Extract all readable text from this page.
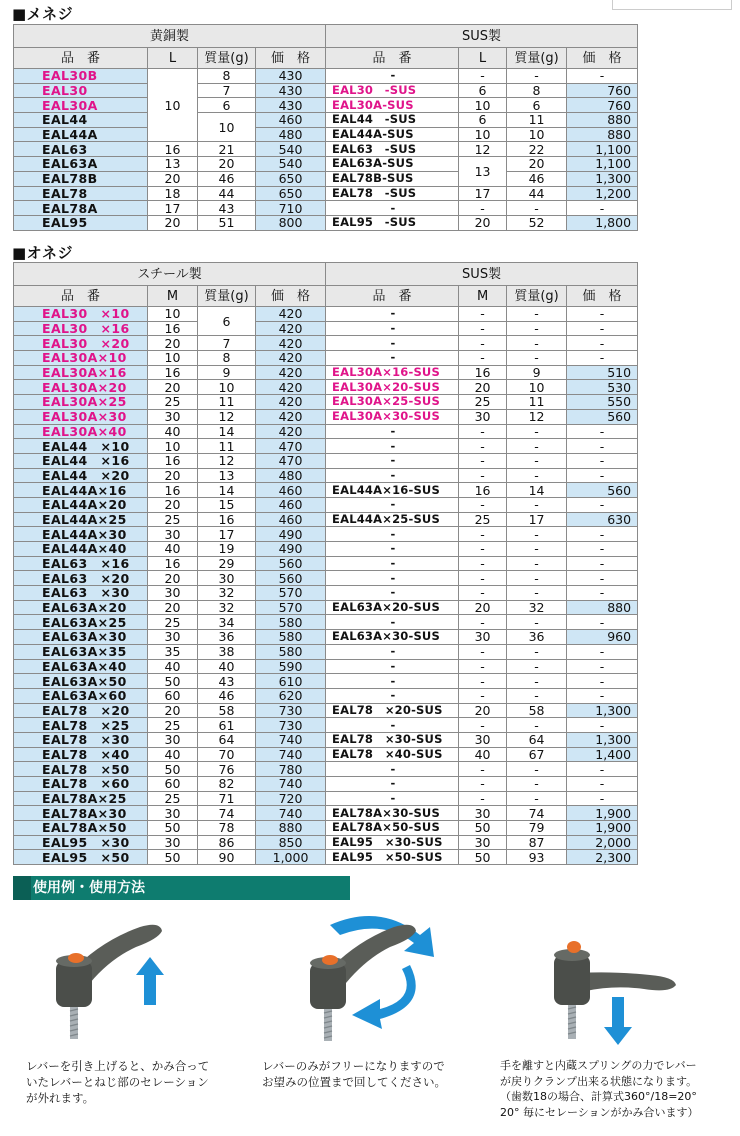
■メネジ
黄銅製				SUS製			
品　番	L	質量(g)	価　格	品　番	L	質量(g)	価　格
EAL30B	10	8	430	-	-	-	-
EAL30		7	430	EAL30　-SUS	6	8	760
EAL30A		6	430	EAL30A-SUS	10	6	760
EAL44		10	460	EAL44　-SUS	6	11	880
EAL44A			480	EAL44A-SUS	10	10	880
EAL63	16	21	540	EAL63　-SUS	12	22	1,100
EAL63A	13	20	540	EAL63A-SUS	13	20	1,100
EAL78B	20	46	650	EAL78B-SUS		46	1,300
EAL78	18	44	650	EAL78　-SUS	17	44	1,200
EAL78A	17	43	710	-	-	-	-
EAL95	20	51	800	EAL95　-SUS	20	52	1,800
■オネジ
スチール製				SUS製			
品　番	M	質量(g)	価　格	品　番	M	質量(g)	価　格
EAL30　×10	10	6	420	-	-	-	-
EAL30　×16	16		420	-	-	-	-
EAL30　×20	20	7	420	-	-	-	-
EAL30A×10	10	8	420	-	-	-	-
EAL30A×16	16	9	420	EAL30A×16-SUS	16	9	510
EAL30A×20	20	10	420	EAL30A×20-SUS	20	10	530
EAL30A×25	25	11	420	EAL30A×25-SUS	25	11	550
EAL30A×30	30	12	420	EAL30A×30-SUS	30	12	560
EAL30A×40	40	14	420	-	-	-	-
EAL44　×10	10	11	470	-	-	-	-
EAL44　×16	16	12	470	-	-	-	-
EAL44　×20	20	13	480	-	-	-	-
EAL44A×16	16	14	460	EAL44A×16-SUS	16	14	560
EAL44A×20	20	15	460	-	-	-	-
EAL44A×25	25	16	460	EAL44A×25-SUS	25	17	630
EAL44A×30	30	17	490	-	-	-	-
EAL44A×40	40	19	490	-	-	-	-
EAL63　×16	16	29	560	-	-	-	-
EAL63　×20	20	30	560	-	-	-	-
EAL63　×30	30	32	570	-	-	-	-
EAL63A×20	20	32	570	EAL63A×20-SUS	20	32	880
EAL63A×25	25	34	580	-	-	-	-
EAL63A×30	30	36	580	EAL63A×30-SUS	30	36	960
EAL63A×35	35	38	580	-	-	-	-
EAL63A×40	40	40	590	-	-	-	-
EAL63A×50	50	43	610	-	-	-	-
EAL63A×60	60	46	620	-	-	-	-
EAL78　×20	20	58	730	EAL78　×20-SUS	20	58	1,300
EAL78　×25	25	61	730	-	-	-	-
EAL78　×30	30	64	740	EAL78　×30-SUS	30	64	1,300
EAL78　×40	40	70	740	EAL78　×40-SUS	40	67	1,400
EAL78　×50	50	76	780	-	-	-	-
EAL78　×60	60	82	740	-	-	-	-
EAL78A×25	25	71	720	-	-	-	-
EAL78A×30	30	74	740	EAL78A×30-SUS	30	74	1,900
EAL78A×50	50	78	880	EAL78A×50-SUS	50	79	1,900
EAL95　×30	30	86	850	EAL95　×30-SUS	30	87	2,000
EAL95　×50	50	90	1,000	EAL95　×50-SUS	50	93	2,300
使用例・使用方法
レバーを引き上げると、かみ合って
いたレバーとねじ部のセレーション
が外れます。
レバーのみがフリーになりますので
お望みの位置まで回してください。
手を離すと内蔵スプリングの力でレバー
が戻りクランプ出来る状態になります。
（歯数18の場合、計算式360°/18=20°
20° 毎にセレーションがかみ合います）
